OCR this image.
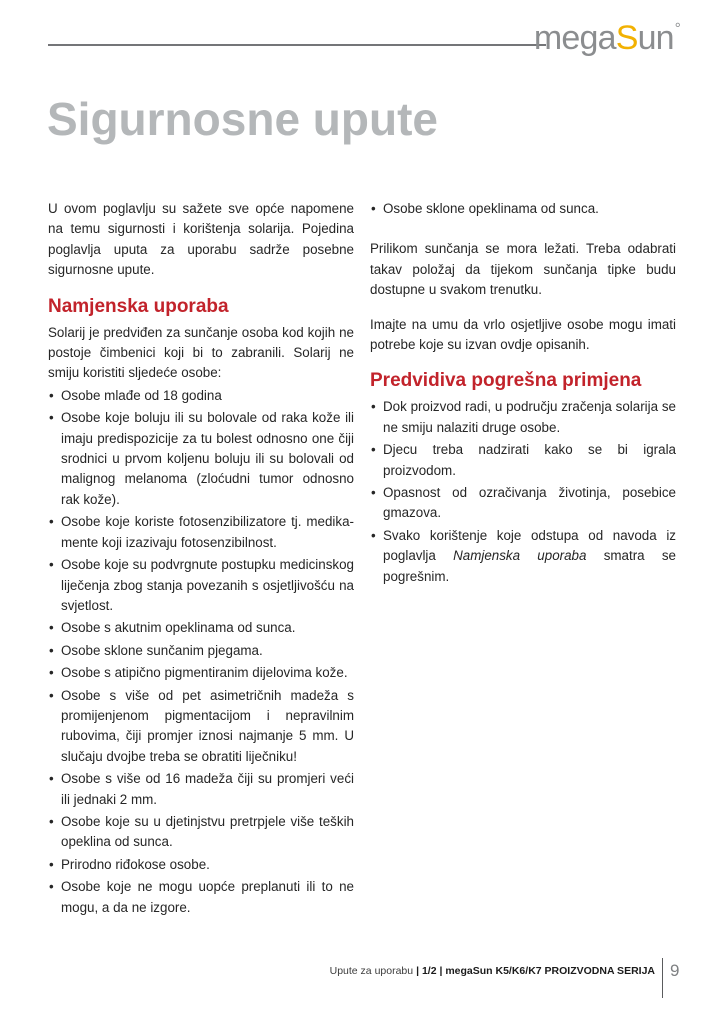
megaSun°
Sigurnosne upute

U ovom poglavlju su sažete sve opće napomene na temu sigurnosti i korištenja solarija. Pojedina poglavlja uputa za uporabu sadrže posebne sigurnosne upute.

Namjenska uporaba

Solarij je predviđen za sunčanje osoba kod kojih ne postoje čimbenici koji bi to zabranili. Solarij ne smiju koristiti sljedeće osobe:

• Osobe mlađe od 18 godina
• Osobe koje boluju ili su bolovale od raka kože ili imaju predispozicije za tu bolest odnosno one čiji srodnici u prvom koljenu boluju ili su bolovali od malignog melanoma (zloćudni tumor odnosno rak kože).
• Osobe koje koriste fotosenzibilizatore tj. medikamente koji izazivaju fotosenzibilnost.
• Osobe koje su podvrgnute postupku medicinskog liječenja zbog stanja povezanih s osjetljivošću na svjetlost.
• Osobe s akutnim opeklinama od sunca.
• Osobe sklone sunčanim pjegama.
• Osobe s atipično pigmentiranim dijelovima kože.
• Osobe s više od pet asimetričnih madeža s promijenjenom pigmentacijom i nepravilnim rubovima, čiji promjer iznosi najmanje 5 mm. U slučaju dvojbe treba se obratiti liječniku!
• Osobe s više od 16 madeža čiji su promjeri veći ili jednaki 2 mm.
• Osobe koje su u djetinjstvu pretrpjele više teških opeklina od sunca.
• Prirodno riđokose osobe.
• Osobe koje ne mogu uopće preplanuti ili to ne mogu, a da ne izgore.
• Osobe sklone opeklinama od sunca.

Prilikom sunčanja se mora ležati. Treba odabrati takav položaj da tijekom sunčanja tipke budu dostupne u svakom trenutku.

Imajte na umu da vrlo osjetljive osobe mogu imati potrebe koje su izvan ovdje opisanih.

Predvidiva pogrešna primjena
• Dok proizvod radi, u području zračenja solarija se ne smiju nalaziti druge osobe.
• Djecu treba nadzirati kako se bi igrala proizvodom.
• Opasnost od ozračivanja životinja, posebice gmazova.
• Svako korištenje koje odstupa od navoda iz poglavlja Namjenska uporaba smatra se pogrešnim.
Upute za uporabu | 1/2 | megaSun K5/K6/K7 PROIZVODNA SERIJA 9
